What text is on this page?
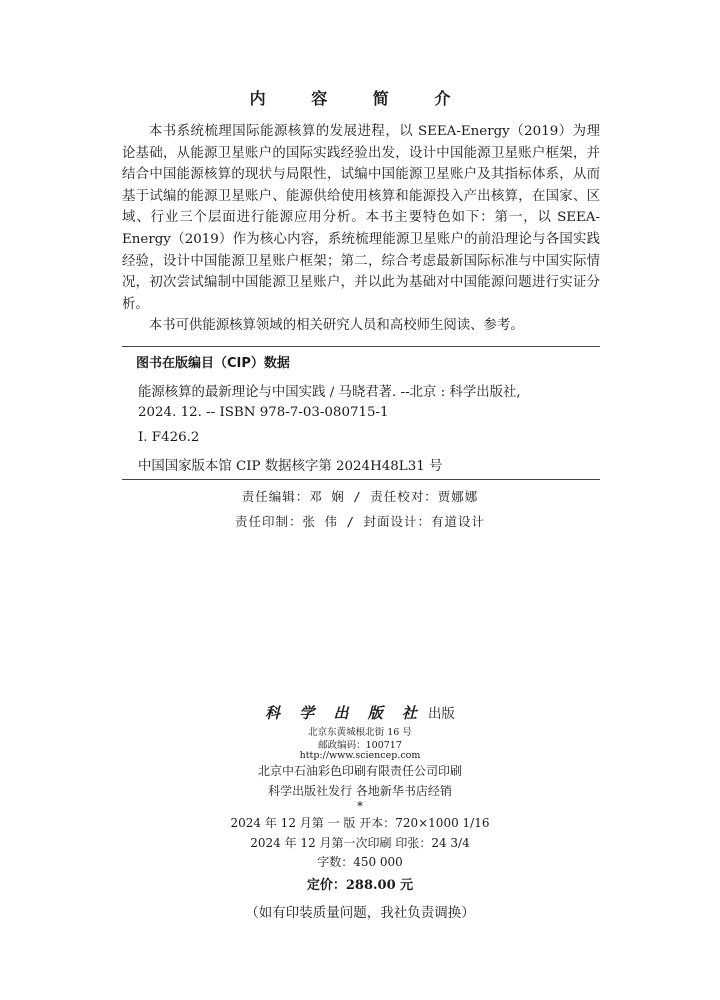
内 容 简 介

本书系统梳理国际能源核算的发展进程，以 SEEA-Energy（2019）为理论基础，从能源卫星账户的国际实践经验出发，设计中国能源卫星账户框架，并结合中国能源核算的现状与局限性，试编中国能源卫星账户及其指标体系，从而基于试编的能源卫星账户、能源供给使用核算和能源投入产出核算，在国家、区域、行业三个层面进行能源应用分析。本书主要特色如下：第一，以 SEEA-Energy（2019）作为核心内容，系统梳理能源卫星账户的前沿理论与各国实践经验，设计中国能源卫星账户框架；第二，综合考虑最新国际标准与中国实际情况，初次尝试编制中国能源卫星账户，并以此为基础对中国能源问题进行实证分析。

本书可供能源核算领域的相关研究人员和高校师生阅读、参考。

图书在版编目（CIP）数据
能源核算的最新理论与中国实践 / 马晓君著. --北京 : 科学出版社,
2024. 12. -- ISBN 978-7-03-080715-1
Ⅰ. F426.2
中国国家版本馆 CIP 数据核字第 2024H48L31 号
责任编辑：邓 娴 / 责任校对：贾娜娜
责任印制：张 伟 / 封面设计：有道设计
科 学 出 版 社 出版
北京东黄城根北街 16 号
邮政编码：100717
http://www.sciencep.com
北京中石油彩色印刷有限责任公司印刷
科学出版社发行 各地新华书店经销
*
2024 年 12 月第 一 版 开本：720×1000 1/16
2024 年 12 月第一次印刷 印张：24 3/4
字数：450 000
定价：288.00 元
（如有印装质量问题，我社负责调换）
